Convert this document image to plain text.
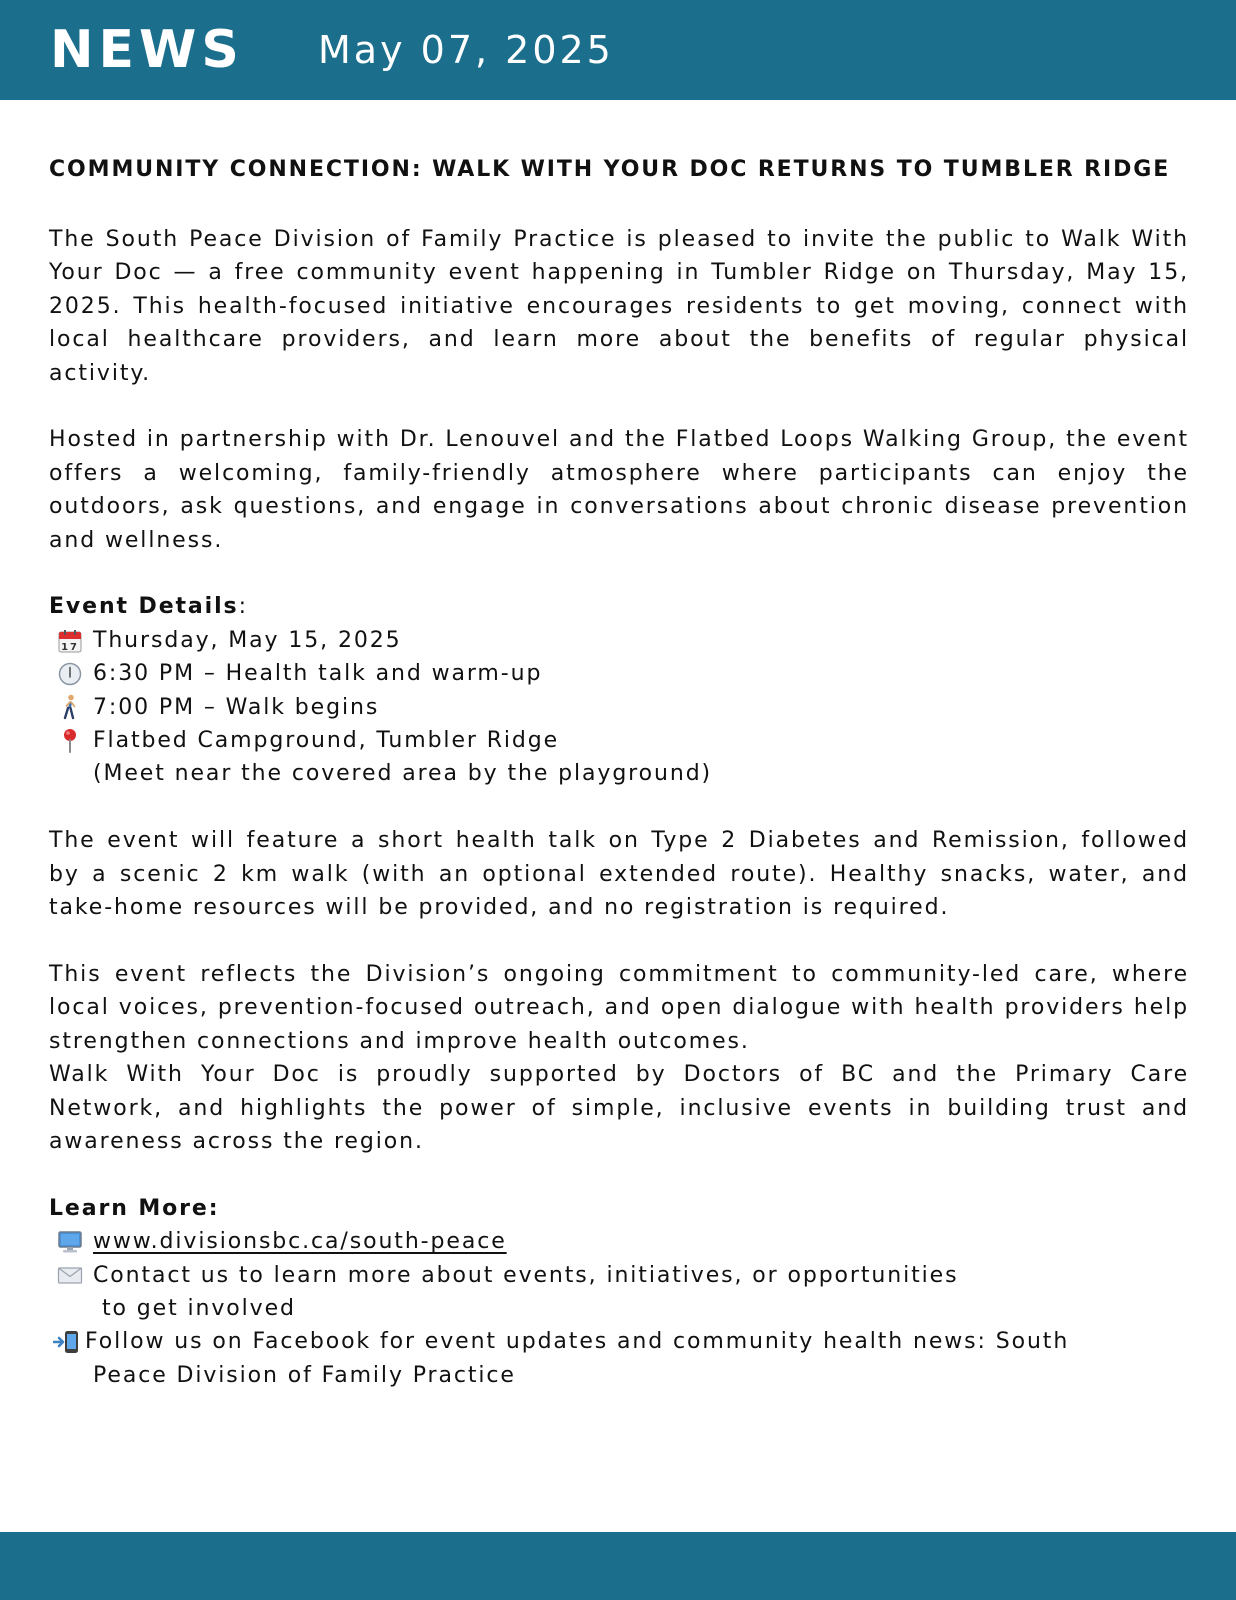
NEWS May 07, 2025
COMMUNITY CONNECTION: WALK WITH YOUR DOC RETURNS TO TUMBLER RIDGE

The South Peace Division of Family Practice is pleased to invite the public to Walk With Your Doc — a free community event happening in Tumbler Ridge on Thursday, May 15, 2025. This health-focused initiative encourages residents to get moving, connect with local healthcare providers, and learn more about the benefits of regular physical activity.

Hosted in partnership with Dr. Lenouvel and the Flatbed Loops Walking Group, the event offers a welcoming, family-friendly atmosphere where participants can enjoy the outdoors, ask questions, and engage in conversations about chronic disease prevention and wellness.

Event Details:

17 Thursday, May 15, 2025
6:30 PM – Health talk and warm-up
7:00 PM – Walk begins
Flatbed Campground, Tumbler Ridge
(Meet near the covered area by the playground)

The event will feature a short health talk on Type 2 Diabetes and Remission, followed by a scenic 2 km walk (with an optional extended route). Healthy snacks, water, and take-home resources will be provided, and no registration is required.

This event reflects the Division’s ongoing commitment to community-led care, where local voices, prevention-focused outreach, and open dialogue with health providers help strengthen connections and improve health outcomes.

Walk With Your Doc is proudly supported by Doctors of BC and the Primary Care Network, and highlights the power of simple, inclusive events in building trust and awareness across the region.

Learn More:

www.divisionsbc.ca/south-peace
Contact us to learn more about events, initiatives, or opportunities
to get involved
Follow us on Facebook for event updates and community health news: South
Peace Division of Family Practice
